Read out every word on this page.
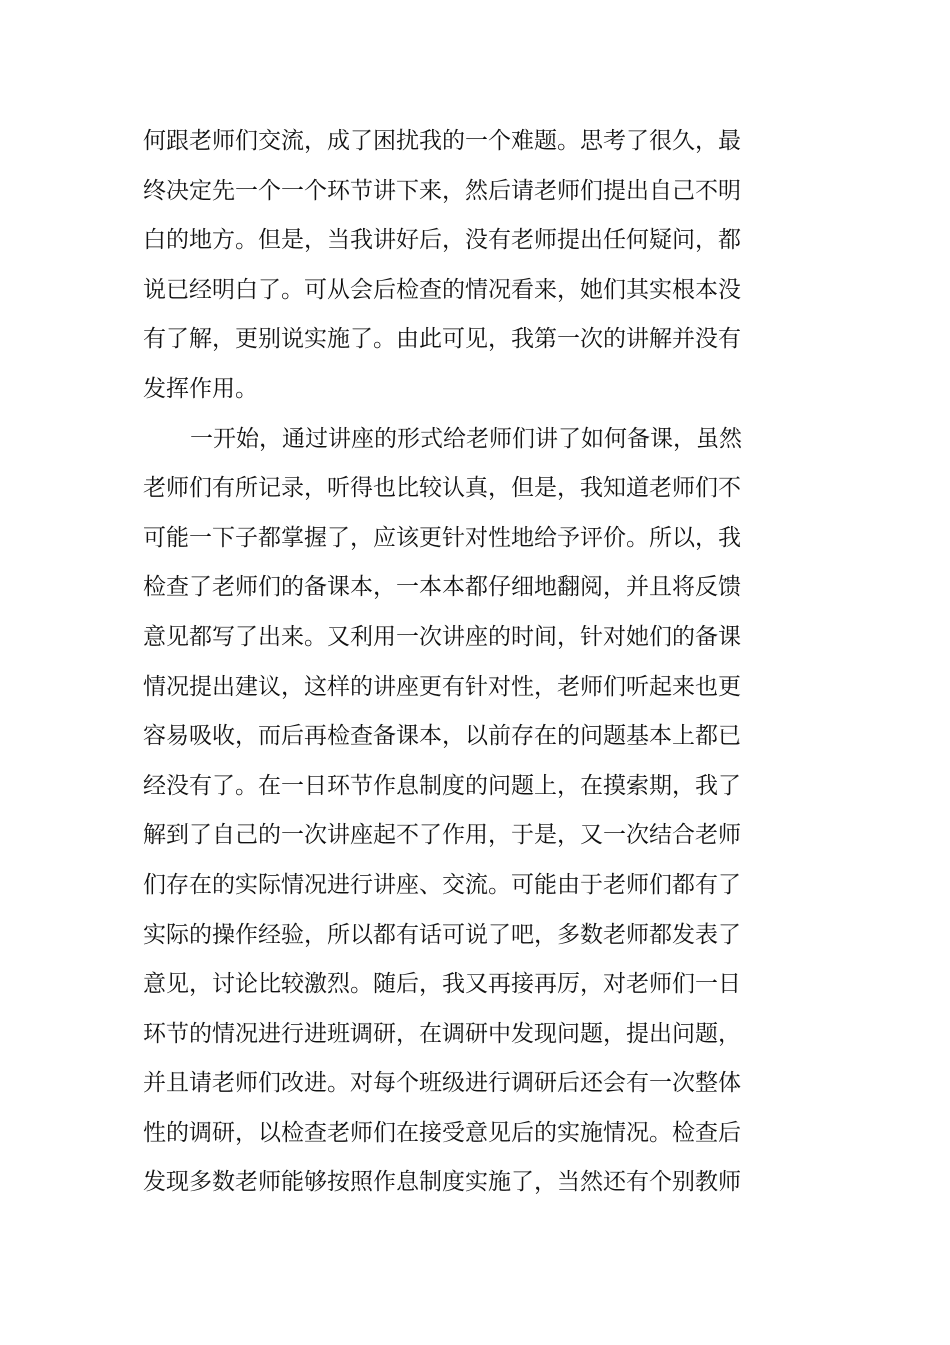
何跟老师们交流，成了困扰我的一个难题。思考了很久，最
终决定先一个一个环节讲下来，然后请老师们提出自己不明
白的地方。但是，当我讲好后，没有老师提出任何疑问，都
说已经明白了。可从会后检查的情况看来，她们其实根本没
有了解，更别说实施了。由此可见，我第一次的讲解并没有
发挥作用。
一开始，通过讲座的形式给老师们讲了如何备课，虽然
老师们有所记录，听得也比较认真，但是，我知道老师们不
可能一下子都掌握了，应该更针对性地给予评价。所以，我
检查了老师们的备课本，一本本都仔细地翻阅，并且将反馈
意见都写了出来。又利用一次讲座的时间，针对她们的备课
情况提出建议，这样的讲座更有针对性，老师们听起来也更
容易吸收，而后再检查备课本，以前存在的问题基本上都已
经没有了。在一日环节作息制度的问题上，在摸索期，我了
解到了自己的一次讲座起不了作用，于是，又一次结合老师
们存在的实际情况进行讲座、交流。可能由于老师们都有了
实际的操作经验，所以都有话可说了吧，多数老师都发表了
意见，讨论比较激烈。随后，我又再接再厉，对老师们一日
环节的情况进行进班调研，在调研中发现问题，提出问题，
并且请老师们改进。对每个班级进行调研后还会有一次整体
性的调研，以检查老师们在接受意见后的实施情况。检查后
发现多数老师能够按照作息制度实施了，当然还有个别教师
